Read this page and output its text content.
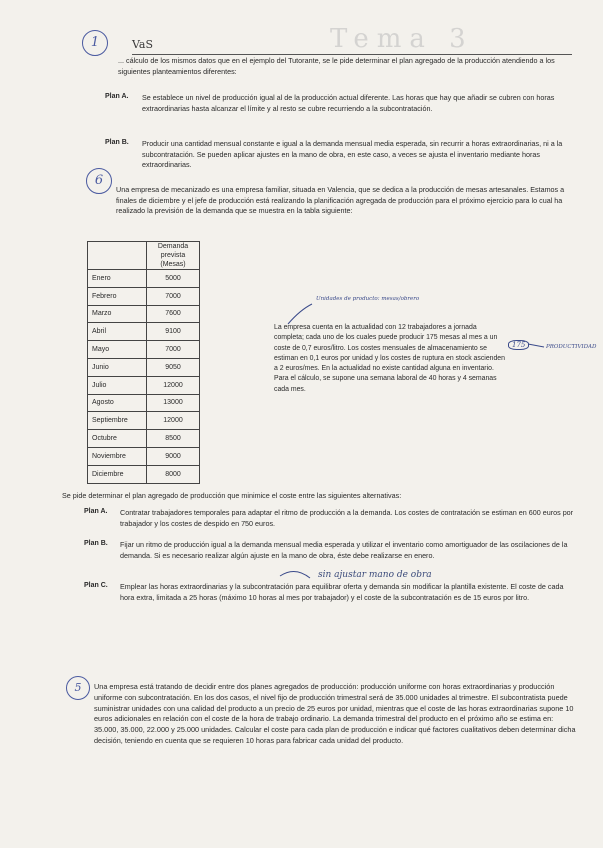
1	VaS	Tema 3

... cálculo de los mismos datos que en el ejemplo del Tutorante, se le pide determinar el plan agregado de la producción atendiendo a los siguientes planteamientos diferentes:

Plan A. Se establece un nivel de producción igual al de la producción actual diferente. Las horas que hay que añadir se cubren con horas extraordinarias hasta alcanzar el límite y al resto se cubre recurriendo a la subcontratación.

Plan B. Producir una cantidad mensual constante e igual a la demanda mensual media esperada, sin recurrir a horas extraordinarias, ni a la subcontratación. Se pueden aplicar ajustes en la mano de obra, en este caso, a veces se ajusta el inventario mediante horas extraordinarias.

6

Una empresa de mecanizado es una empresa familiar, situada en Valencia, que se dedica a la producción de mesas artesanales. Estamos a finales de diciembre y el jefe de producción está realizando la planificación agregada de producción para el próximo ejercicio para lo cual ha realizado la previsión de la demanda que se muestra en la tabla siguiente:

	Demanda prevista
(Mesas)
Enero	5000
Febrero	7000
Marzo	7600
Abril	9100
Mayo	7000
Junio	9050
Julio	12000
Agosto	13000
Septiembre	12000
Octubre	8500
Noviembre	9000
Diciembre	8000
Unidades de producto: mesas/obrero

La empresa cuenta en la actualidad con 12 trabajadores a jornada completa; cada uno de los cuales puede producir 175 mesas al mes a un coste de 0,7 euros/litro. Los costes mensuales de almacenamiento se estiman en 0,1 euros por unidad y los costes de ruptura en stock ascienden a 2 euros/mes. En la actualidad no existe cantidad alguna en inventario. Para el cálculo, se supone una semana laboral de 40 horas y 4 semanas cada mes.

175	PRODUCTIVIDAD

Se pide determinar el plan agregado de producción que minimice el coste entre las siguientes alternativas:

Plan A. Contratar trabajadores temporales para adaptar el ritmo de producción a la demanda. Los costes de contratación se estiman en 600 euros por trabajador y los costes de despido en 750 euros.

Plan B. Fijar un ritmo de producción igual a la demanda mensual media esperada y utilizar el inventario como amortiguador de las oscilaciones de la demanda. Si es necesario realizar algún ajuste en la mano de obra, éste debe realizarse en enero.

sin ajustar mano de obra
Plan C. Emplear las horas extraordinarias y la subcontratación para equilibrar oferta y demanda sin modificar la plantilla existente. El coste de cada hora extra, limitada a 25 horas (máximo 10 horas al mes por trabajador) y el coste de la subcontratación es de 15 euros por litro.

5	Una empresa está tratando de decidir entre dos planes agregados de producción: producción uniforme con horas extraordinarias y producción uniforme con subcontratación. En los dos casos, el nivel fijo de producción trimestral será de 35.000 unidades al trimestre. El subcontratista puede suministrar unidades con una calidad del producto a un precio de 25 euros por unidad, mientras que el coste de las horas extraordinarias supone 10 euros adicionales en relación con el coste de la hora de trabajo ordinario. La demanda trimestral del producto en el próximo año se estima en: 35.000, 35.000, 22.000 y 25.000 unidades. Calcular el coste para cada plan de producción e indicar qué factores cualitativos deben determinar dicha decisión, teniendo en cuenta que se requieren 10 horas para fabricar cada unidad del producto.
